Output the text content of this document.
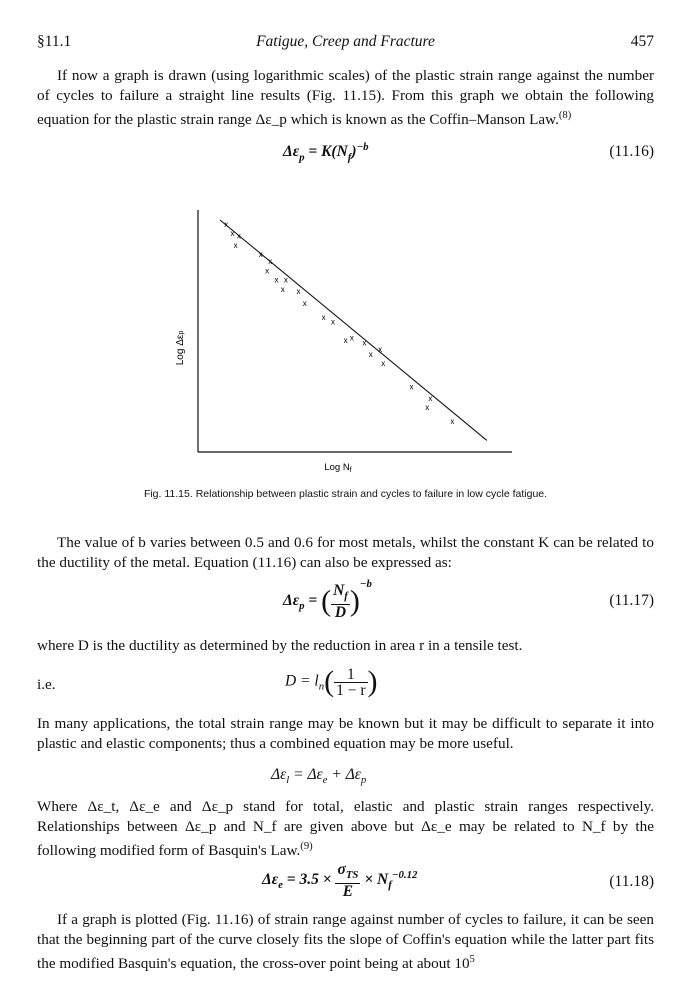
§11.1	Fatigue, Creep and Fracture	457
If now a graph is drawn (using logarithmic scales) of the plastic strain range against the number of cycles to failure a straight line results (Fig. 11.15). From this graph we obtain the following equation for the plastic strain range Δε_p which is known as the Coffin–Manson Law.$^{(8)}$
$\Delta\varepsilon_p = K(N_f)^{-b}$	(11.16)
x
x x
x
x
x
x
x x
x x
x
x
x
x
x x
x
x
x
x
x
x
x
Log Δεp
Log $N_f$
Fig. 11.15. Relationship between plastic strain and cycles to failure in low cycle fatigue.
The value of b varies between 0.5 and 0.6 for most metals, whilst the constant K can be related to the ductility of the metal. Equation (11.16) can also be expressed as:
$\Delta\varepsilon_p$ = ( $\frac{N_f}{D} )^{-b}$
(11.17)
where D is the ductility as determined by the reduction in area r in a tensile test.
i.e.	$D = l_n( \frac{1}{1 - r}$ )
In many applications, the total strain range may be known but it may be difficult to separate it into plastic and elastic components; thus a combined equation may be more useful.
$\Delta\varepsilon_l = \Delta\varepsilon_e + \Delta\varepsilon_p$
Where Δε_t, Δε_e and Δε_p stand for total, elastic and plastic strain ranges respectively. Relationships between Δε_p and N_f are given above but Δε_e may be related to N_f by the following modified form of Basquin's Law.$^{(9)}$
$\Delta\varepsilon_e = 3.5 \times \frac{\sigma_{TS}}{E} \times N_f^{-0.12}$	(11.18)
If a graph is plotted (Fig. 11.16) of strain range against number of cycles to failure, it can be seen that the beginning part of the curve closely fits the slope of Coffin's equation while the latter part fits the modified Basquin's equation, the cross-over point being at about $10^5$
